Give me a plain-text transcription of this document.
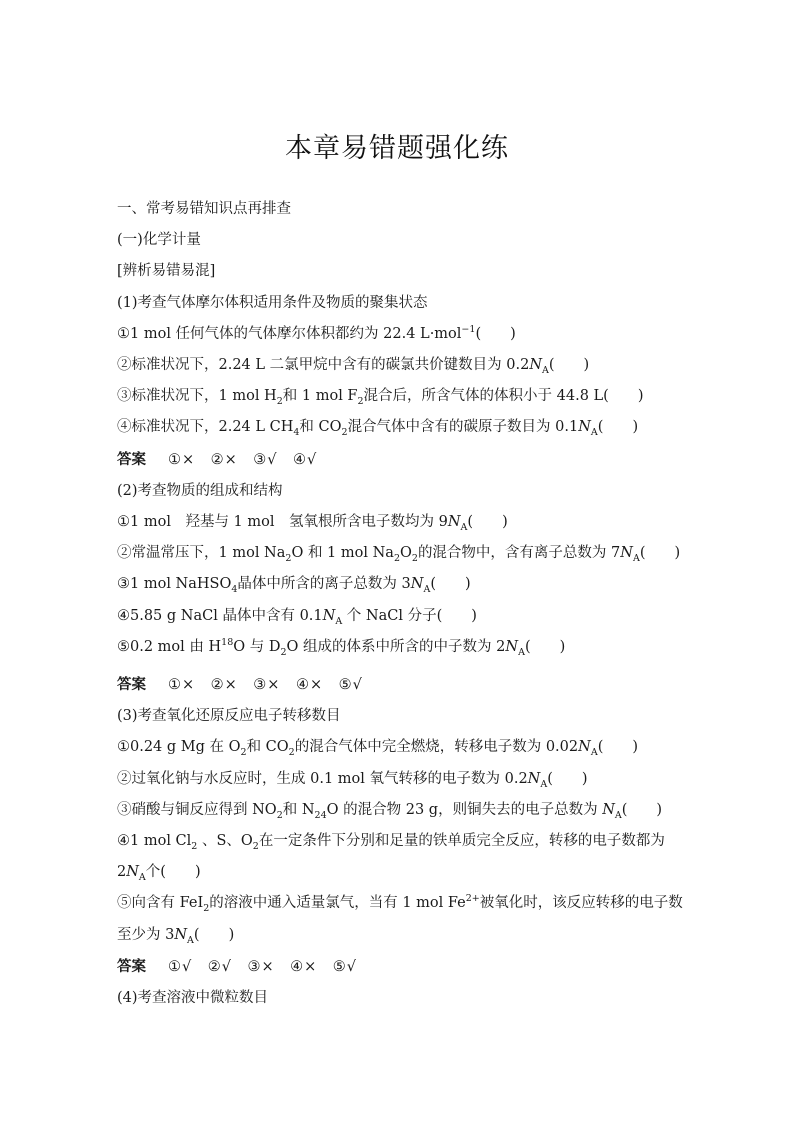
本章易错题强化练
一、常考易错知识点再排查
(一)化学计量
[辨析易错易混]
(1)考查气体摩尔体积适用条件及物质的聚集状态
①1 mol 任何气体的气体摩尔体积都约为 22.4 L·mol$^{-1}$(　　)
②标准状况下，2.24 L 二氯甲烷中含有的碳氯共价键数目为 $0.2N_A$(　　)
③标准状况下，1 mol $H_2$和 1 mol $F_2$混合后，所含气体的体积小于 44.8 L(　　)
④标准状况下，2.24 L $CH_4$和 $CO_2$混合气体中含有的碳原子数目为 $0.1N_A$(　　)
答案 ①×　②×　③√　④√
(2)考查物质的组成和结构
①1 mol　羟基与 1 mol　氢氧根所含电子数均为 $9N_A$(　　)
②常温常压下，1 mol $Na_2O$ 和 1 mol $Na_2O_2$的混合物中，含有离子总数为 $7N_A$(　　)
③1 mol NaHSO$_4$晶体中所含的离子总数为 $3N_A$(　　)
④5.85 g NaCl 晶体中含有 $0.1N_A$ 个 NaCl 分子(　　)
⑤0.2 mol 由 $H^{18}O$ 与 $D_2O$ 组成的体系中所含的中子数为 $2N_A$(　　)
答案 ①×　②×　③×　④×　⑤√
(3)考查氧化还原反应电子转移数目
①0.24 g Mg 在 $O_2$和 $CO_2$的混合气体中完全燃烧，转移电子数为 $0.02N_A$(　　)
②过氧化钠与水反应时，生成 0.1 mol 氧气转移的电子数为 $0.2N_A$(　　)
③硝酸与铜反应得到 $NO_2$和 $N_{24}O$ 的混合物 23 g，则铜失去的电子总数为 $N_A$(　　)
④1 mol $Cl_2$ 、S、$O_2$在一定条件下分别和足量的铁单质完全反应，转移的电子数都为 $2N_A$个(　　)
⑤向含有 FeI$_2$的溶液中通入适量氯气，当有 1 mol $Fe^{2+}$被氧化时，该反应转移的电子数至少为 $3N_A$(　　)
答案 ①√　②√　③×　④×　⑤√
(4)考查溶液中微粒数目
